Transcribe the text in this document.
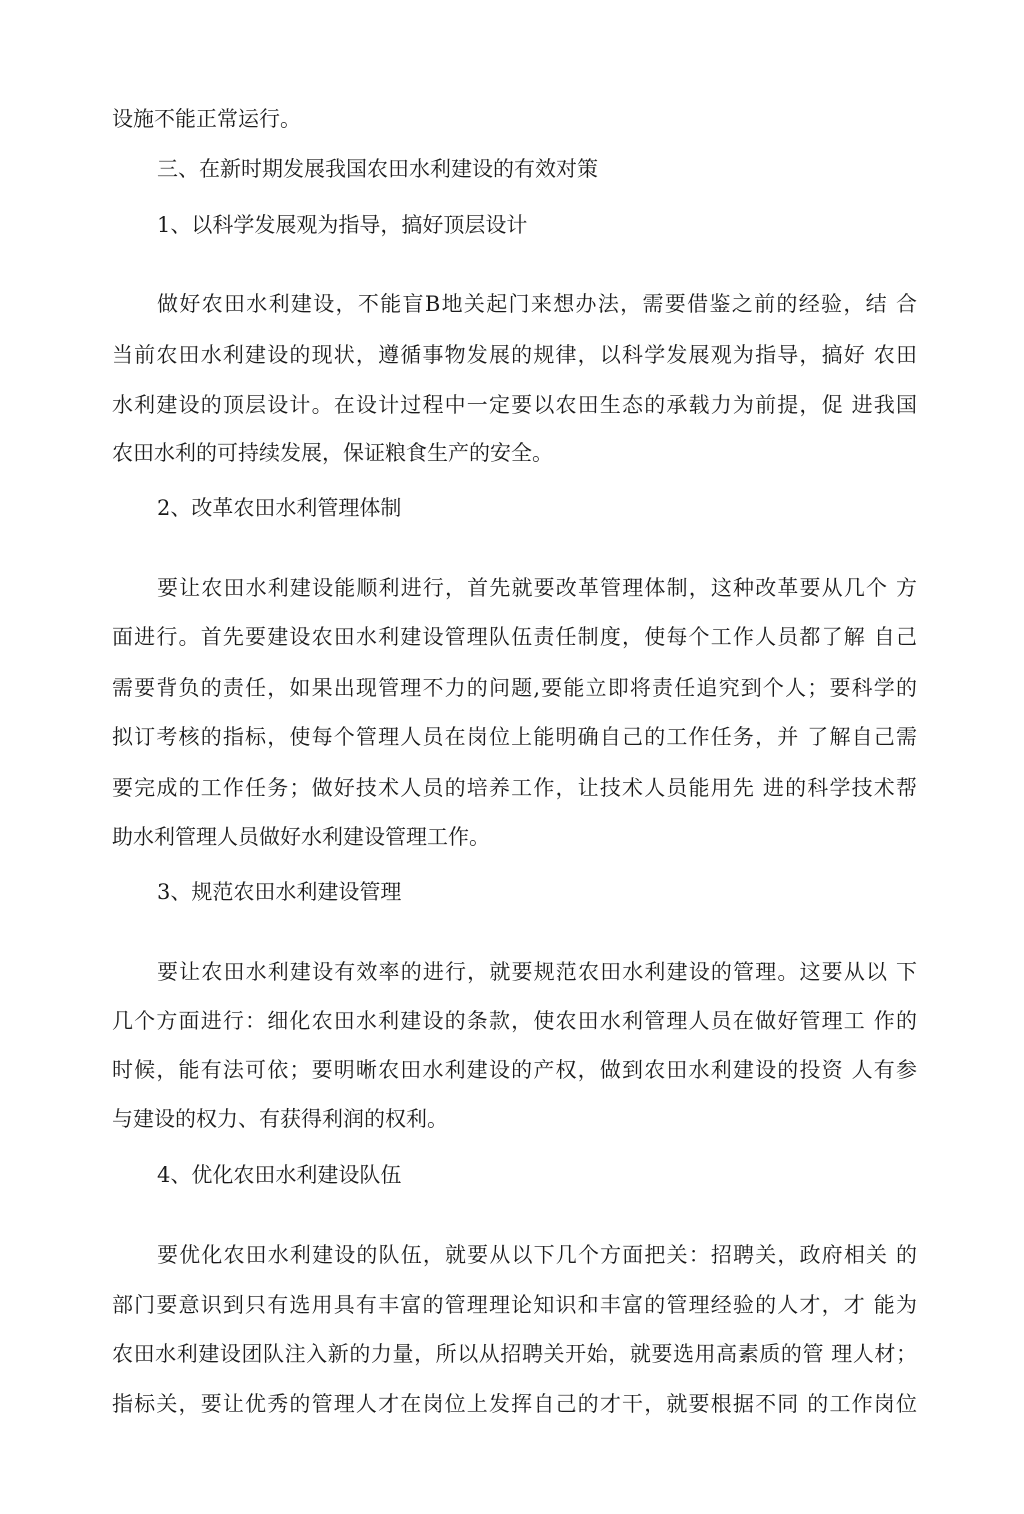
设施不能正常运行。
三、在新时期发展我国农田水利建设的有效对策
1、以科学发展观为指导，搞好顶层设计
做好农田水利建设，不能盲B地关起门来想办法，需要借鉴之前的经验，结 合
当前农田水利建设的现状，遵循事物发展的规律，以科学发展观为指导，搞好 农田
水利建设的顶层设计。在设计过程中一定要以农田生态的承载力为前提，促 进我国
农田水利的可持续发展，保证粮食生产的安全。
2、改革农田水利管理体制
要让农田水利建设能顺利进行，首先就要改革管理体制，这种改革要从几个 方
面进行。首先要建设农田水利建设管理队伍责任制度，使每个工作人员都了解 自己
需要背负的责任，如果出现管理不力的问题,要能立即将责任追究到个人；要科学的
拟订考核的指标，使每个管理人员在岗位上能明确自己的工作任务，并 了解自己需
要完成的工作任务；做好技术人员的培养工作，让技术人员能用先 进的科学技术帮
助水利管理人员做好水利建设管理工作。
3、规范农田水利建设管理
要让农田水利建设有效率的进行，就要规范农田水利建设的管理。这要从以 下
几个方面进行：细化农田水利建设的条款，使农田水利管理人员在做好管理工 作的
时候，能有法可依；要明晰农田水利建设的产权，做到农田水利建设的投资 人有参
与建设的权力、有获得利润的权利。
4、优化农田水利建设队伍
要优化农田水利建设的队伍，就要从以下几个方面把关：招聘关，政府相关 的
部门要意识到只有选用具有丰富的管理理论知识和丰富的管理经验的人才，才 能为
农田水利建设团队注入新的力量，所以从招聘关开始，就要选用高素质的管 理人材；
指标关，要让优秀的管理人才在岗位上发挥自己的才干，就要根据不同 的工作岗位
